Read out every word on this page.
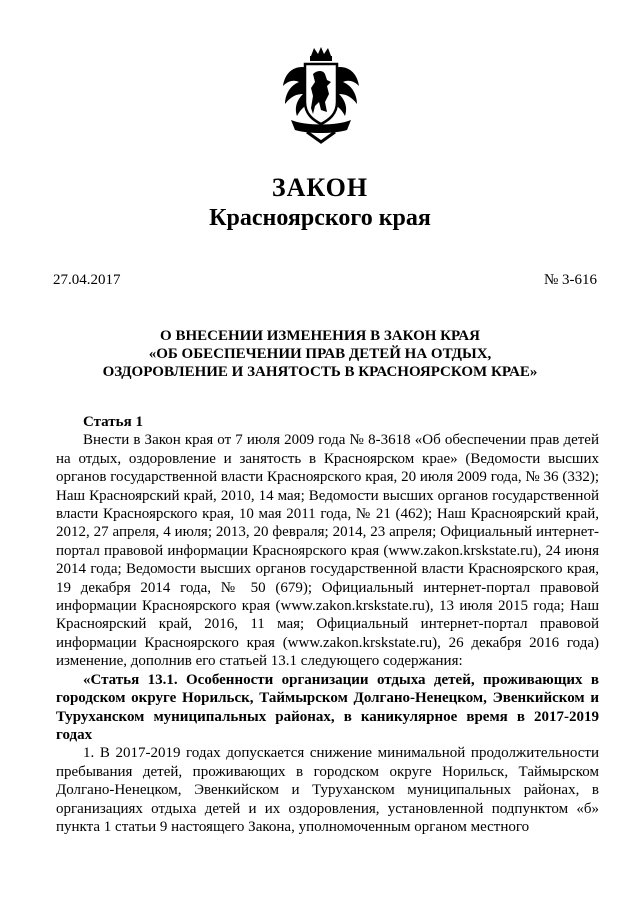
ЗАКОН
Красноярского края
27.04.2017	№ 3-616
О ВНЕСЕНИИ ИЗМЕНЕНИЯ В ЗАКОН КРАЯ
«ОБ ОБЕСПЕЧЕНИИ ПРАВ ДЕТЕЙ НА ОТДЫХ,
ОЗДОРОВЛЕНИЕ И ЗАНЯТОСТЬ В КРАСНОЯРСКОМ КРАЕ»

Статья 1

Внести в Закон края от 7 июля 2009 года № 8-3618 «Об обеспечении прав детей на отдых, оздоровление и занятость в Красноярском крае» (Ведомости высших органов государственной власти Красноярского края, 20 июля 2009 года, № 36 (332); Наш Красноярский край, 2010, 14 мая; Ведомости высших органов государственной власти Красноярского края, 10 мая 2011 года, № 21 (462); Наш Красноярский край, 2012, 27 апреля, 4 июля; 2013, 20 февраля; 2014, 23 апреля; Официальный интернет-портал правовой информации Красноярского края (www.zakon.krskstate.ru), 24 июня 2014 года; Ведомости высших органов государственной власти Красноярского края, 19 декабря 2014 года, № 50 (679); Официальный интернет-портал правовой информации Красноярского края (www.zakon.krskstate.ru), 13 июля 2015 года; Наш Красноярский край, 2016, 11 мая; Официальный интернет-портал правовой информации Красноярского края (www.zakon.krskstate.ru), 26 декабря 2016 года) изменение, дополнив его статьей 13.1 следующего содержания:

«Статья 13.1. Особенности организации отдыха детей, проживающих в городском округе Норильск, Таймырском Долгано-Ненецком, Эвенкийском и Туруханском муниципальных районах, в каникулярное время в 2017-2019 годах

1. В 2017-2019 годах допускается снижение минимальной продолжительности пребывания детей, проживающих в городском округе Норильск, Таймырском Долгано-Ненецком, Эвенкийском и Туруханском муниципальных районах, в организациях отдыха детей и их оздоровления, установленной подпунктом «б» пункта 1 статьи 9 настоящего Закона, уполномоченным органом местного
